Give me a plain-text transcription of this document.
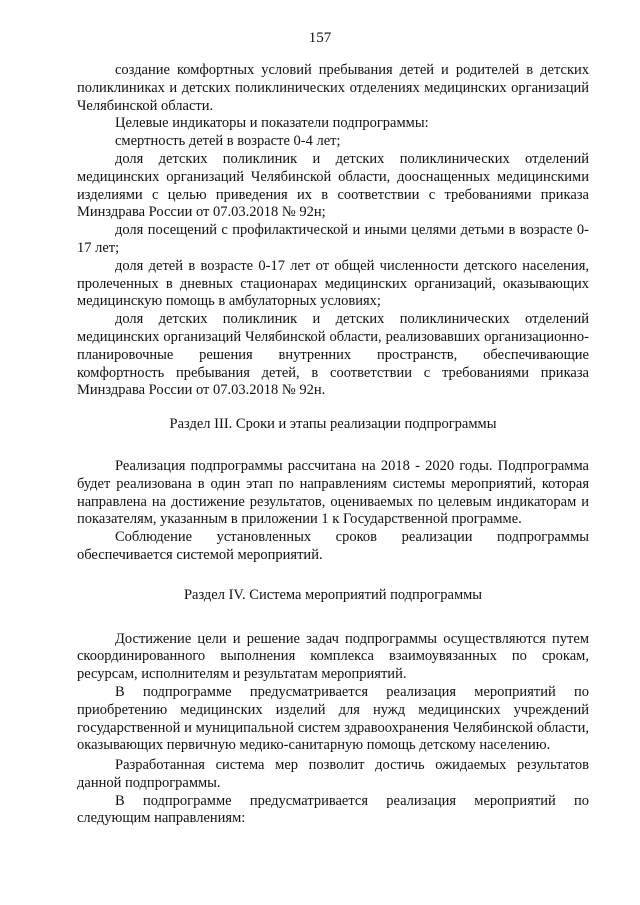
157

создание комфортных условий пребывания детей и родителей в детских поликлиниках и детских поликлинических отделениях медицинских организаций Челябинской области.

Целевые индикаторы и показатели подпрограммы:

смертность детей в возрасте 0-4 лет;

доля детских поликлиник и детских поликлинических отделений медицинских организаций Челябинской области, дооснащенных медицинскими изделиями с целью приведения их в соответствии с требованиями приказа Минздрава России от 07.03.2018 № 92н;

доля посещений с профилактической и иными целями детьми в возрасте 0-17 лет;

доля детей в возрасте 0-17 лет от общей численности детского населения, пролеченных в дневных стационарах медицинских организаций, оказывающих медицинскую помощь в амбулаторных условиях;

доля детских поликлиник и детских поликлинических отделений медицинских организаций Челябинской области, реализовавших организационно-планировочные решения внутренних пространств, обеспечивающие комфортность пребывания детей, в соответствии с требованиями приказа Минздрава России от 07.03.2018 № 92н.

Раздел III. Сроки и этапы реализации подпрограммы

Реализация подпрограммы рассчитана на 2018 - 2020 годы. Подпрограмма будет реализована в один этап по направлениям системы мероприятий, которая направлена на достижение результатов, оцениваемых по целевым индикаторам и показателям, указанным в приложении 1 к Государственной программе.

Соблюдение установленных сроков реализации подпрограммы обеспечивается системой мероприятий.

Раздел IV. Система мероприятий подпрограммы

Достижение цели и решение задач подпрограммы осуществляются путем скоординированного выполнения комплекса взаимоувязанных по срокам, ресурсам, исполнителям и результатам мероприятий.

В подпрограмме предусматривается реализация мероприятий по приобретению медицинских изделий для нужд медицинских учреждений государственной и муниципальной систем здравоохранения Челябинской области, оказывающих первичную медико-санитарную помощь детскому населению.

Разработанная система мер позволит достичь ожидаемых результатов данной подпрограммы.

В подпрограмме предусматривается реализация мероприятий по следующим направлениям:
